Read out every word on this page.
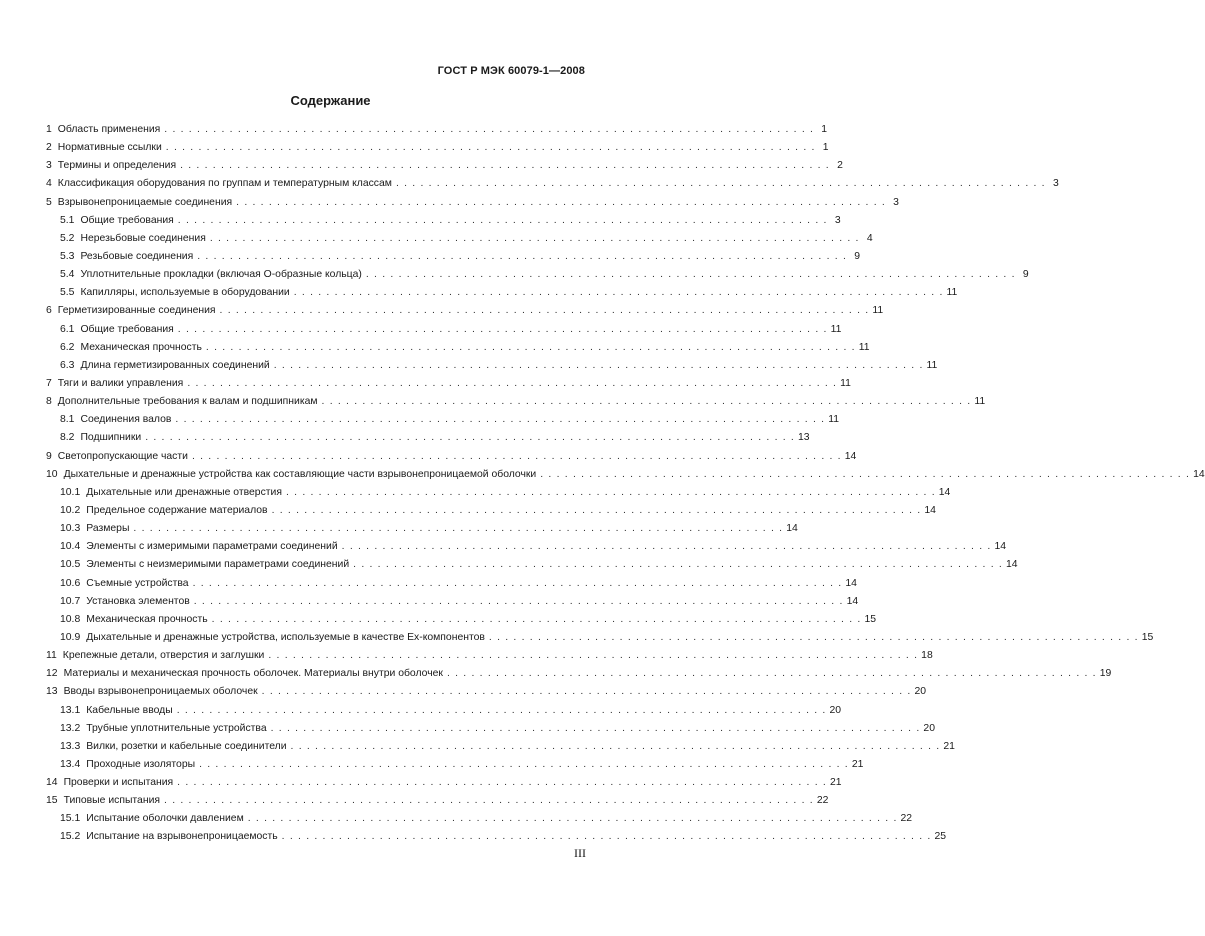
ГОСТ Р МЭК 60079-1—2008
Содержание
1 Область применения . . .	1
2 Нормативные ссылки . . .	1
3 Термины и определения . . .	2
4 Классификация оборудования по группам и температурным классам . . .	3
5 Взрывонепроницаемые соединения . . .	3
5.1 Общие требования . . .	3
5.2 Нерезьбовые соединения . . .	4
5.3 Резьбовые соединения . . .	9
5.4 Уплотнительные прокладки (включая О-образные кольца) . . .	9
5.5 Капилляры, используемые в оборудовании . . .	11
6 Герметизированные соединения . . .	11
6.1 Общие требования . . .	11
6.2 Механическая прочность . . .	11
6.3 Длина герметизированных соединений . . .	11
7 Тяги и валики управления . . .	11
8 Дополнительные требования к валам и подшипникам . . .	11
8.1 Соединения валов . . .	11
8.2 Подшипники . . .	13
9 Светопропускающие части . . .	14
10 Дыхательные и дренажные устройства как составляющие части взрывонепроницаемой оболочки . . .	14
10.1 Дыхательные или дренажные отверстия . . .	14
10.2 Предельное содержание материалов . . .	14
10.3 Размеры . . .	14
10.4 Элементы с измеримыми параметрами соединений . . .	14
10.5 Элементы с неизмеримыми параметрами соединений . . .	14
10.6 Съемные устройства . . .	14
10.7 Установка элементов . . .	14
10.8 Механическая прочность . . .	15
10.9 Дыхательные и дренажные устройства, используемые в качестве Ех-компонентов . . .	15
11 Крепежные детали, отверстия и заглушки . . .	18
12 Материалы и механическая прочность оболочек. Материалы внутри оболочек . . .	19
13 Вводы взрывонепроницаемых оболочек . . .	20
13.1 Кабельные вводы . . .	20
13.2 Трубные уплотнительные устройства . . .	20
13.3 Вилки, розетки и кабельные соединители . . .	21
13.4 Проходные изоляторы . . .	21
14 Проверки и испытания . . .	21
15 Типовые испытания . . .	22
15.1 Испытание оболочки давлением . . .	22
15.2 Испытание на взрывонепроницаемость . . .	25
III
